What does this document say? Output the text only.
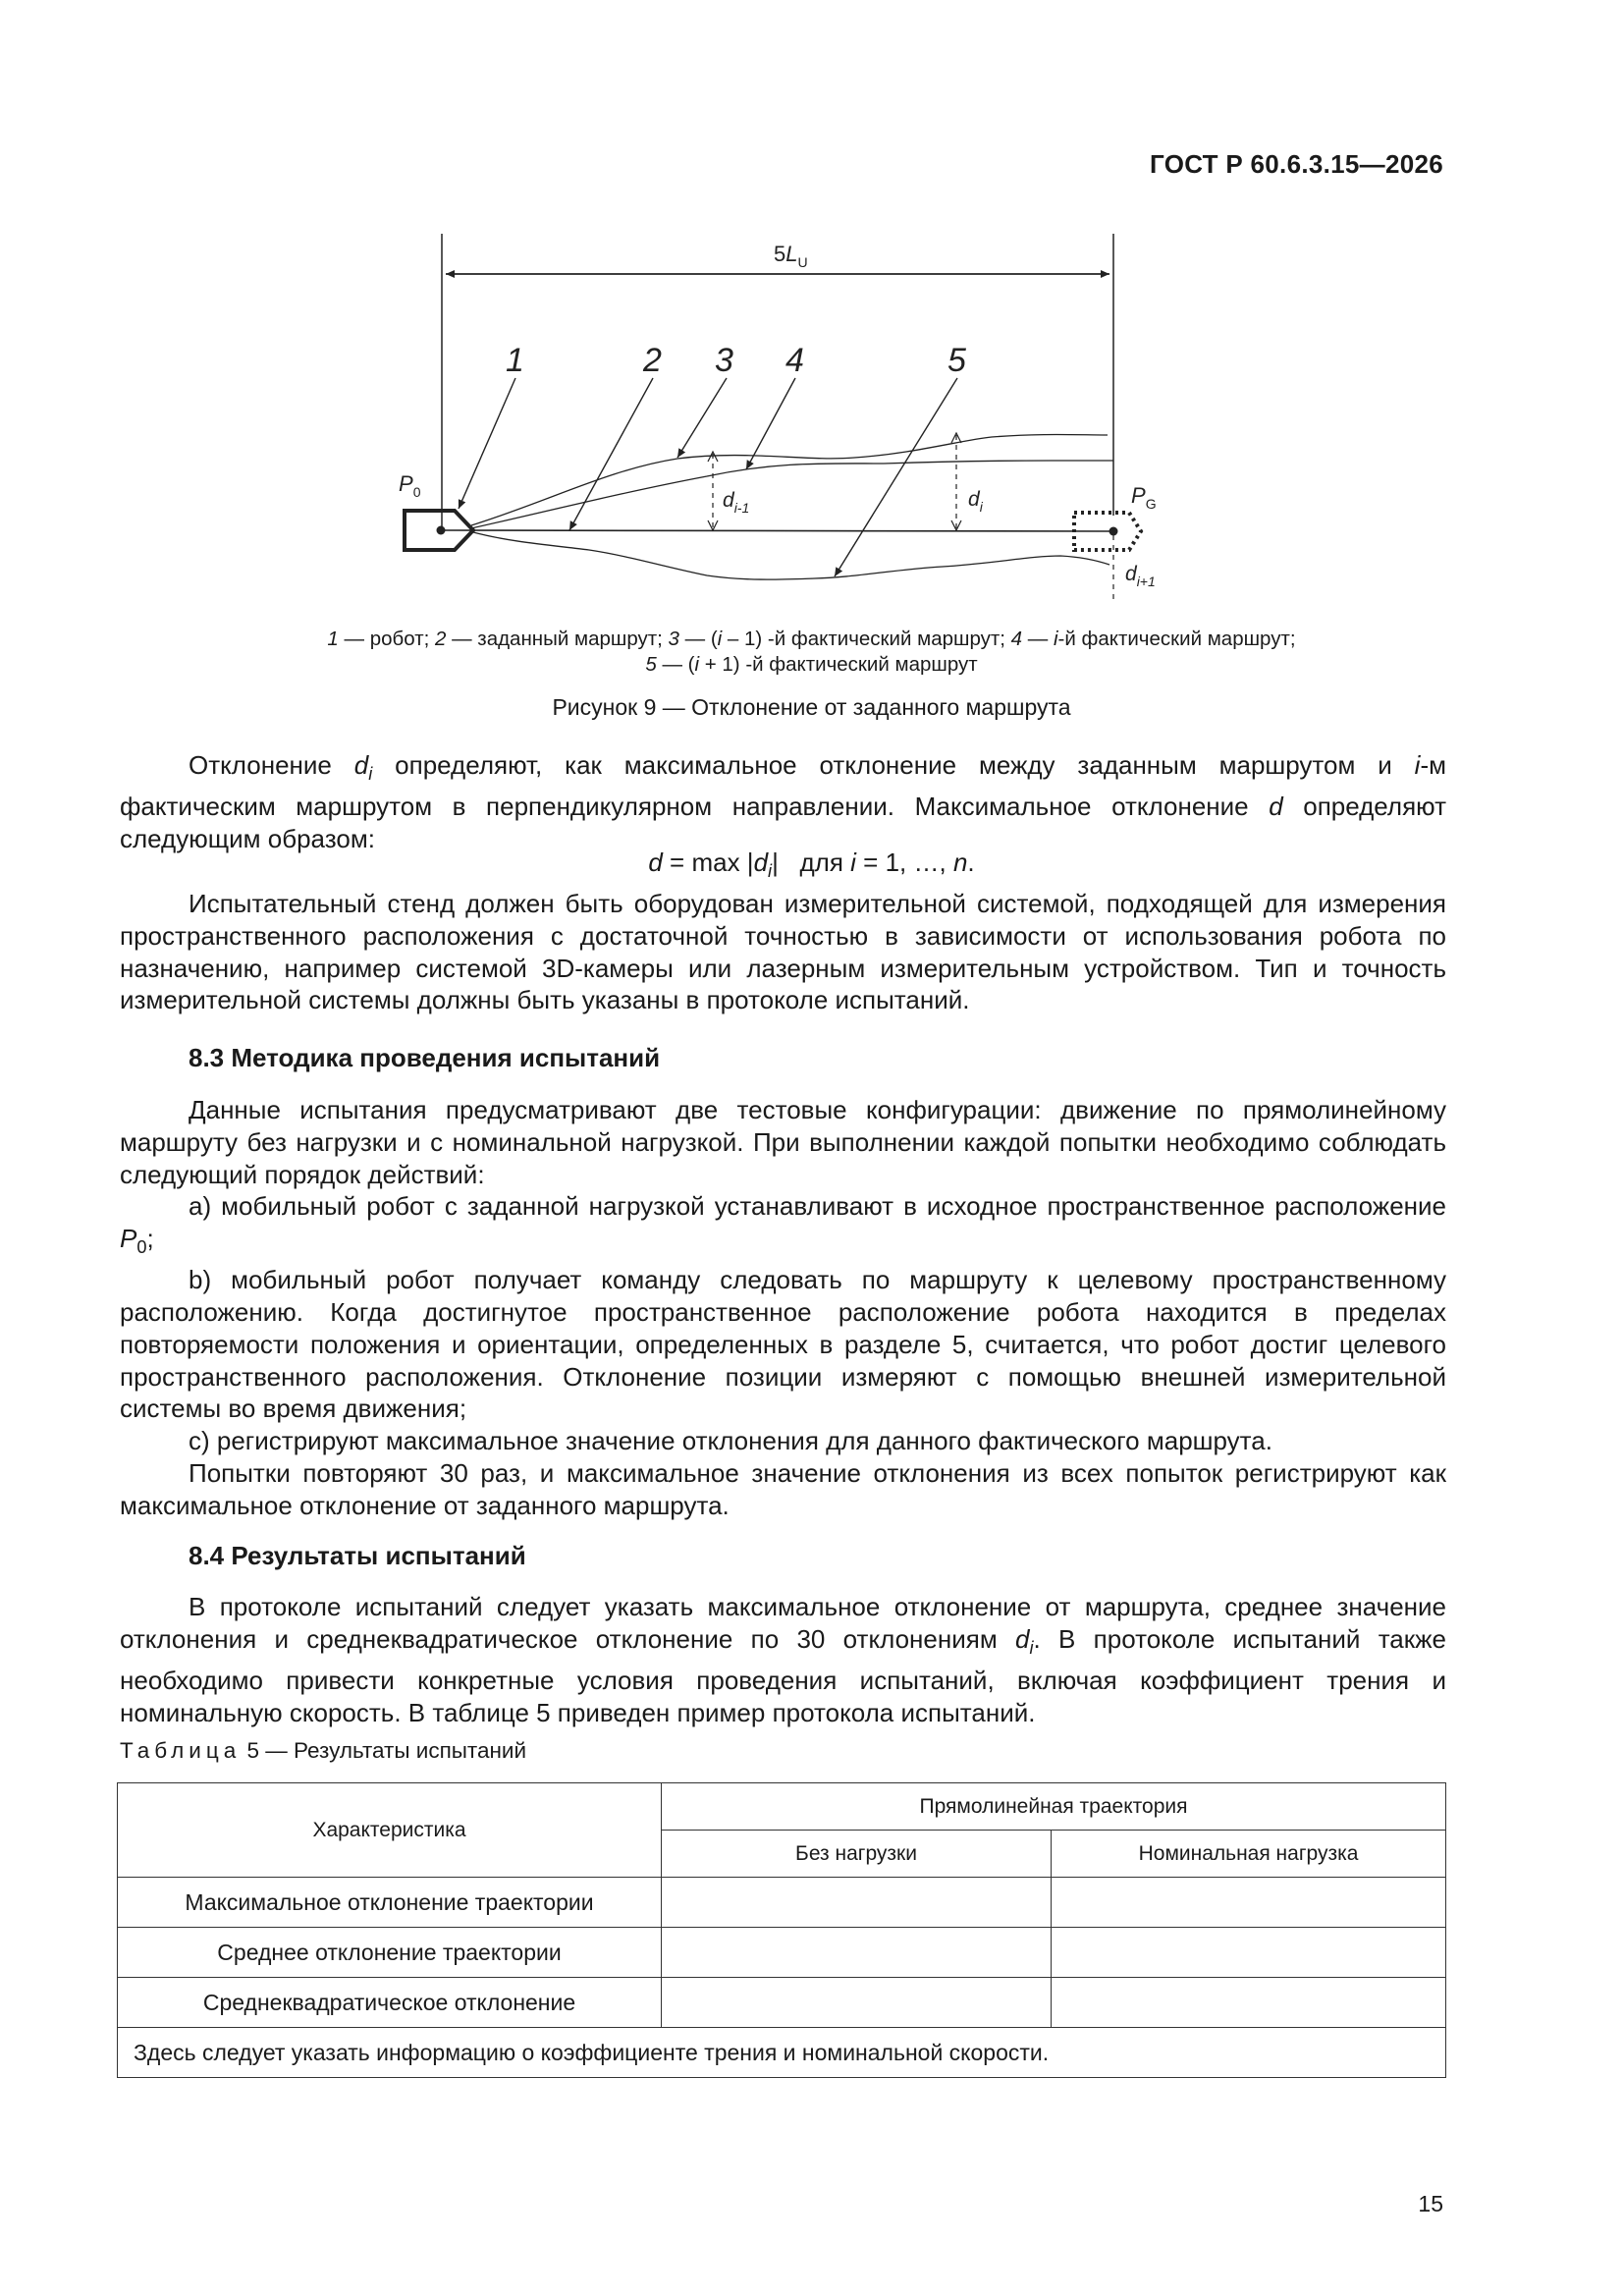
ГОСТ Р 60.6.3.15—2026
$5L_U$
1	2 3 4	5
$P_0$	$P_G$
$d_{i-1}$	$d_i$
$d_{i+1}$
1 — робот; 2 — заданный маршрут; 3 — (i – 1) -й фактический маршрут; 4 — i-й фактический маршрут;
5 — (i + 1) -й фактический маршрут
Рисунок 9 — Отклонение от заданного маршрута

Отклонение $d_i$ определяют, как максимальное отклонение между заданным маршрутом и i-м фактическим маршрутом в перпендикулярном направлении. Максимальное отклонение d определяют следующим образом:

$d = \max |d_i|$   для i = 1, …, n.

Испытательный стенд должен быть оборудован измерительной системой, подходящей для измерения пространственного расположения с достаточной точностью в зависимости от использования робота по назначению, например системой 3D-камеры или лазерным измерительным устройством. Тип и точность измерительной системы должны быть указаны в протоколе испытаний.

8.3 Методика проведения испытаний

Данные испытания предусматривают две тестовые конфигурации: движение по прямолинейному маршруту без нагрузки и с номинальной нагрузкой. При выполнении каждой попытки необходимо соблюдать следующий порядок действий:

a) мобильный робот с заданной нагрузкой устанавливают в исходное пространственное расположение $P_0$;

b) мобильный робот получает команду следовать по маршруту к целевому пространственному расположению. Когда достигнутое пространственное расположение робота находится в пределах повторяемости положения и ориентации, определенных в разделе 5, считается, что робот достиг целевого пространственного расположения. Отклонение позиции измеряют с помощью внешней измерительной системы во время движения;

c) регистрируют максимальное значение отклонения для данного фактического маршрута.

Попытки повторяют 30 раз, и максимальное значение отклонения из всех попыток регистрируют как максимальное отклонение от заданного маршрута.

8.4 Результаты испытаний

В протоколе испытаний следует указать максимальное отклонение от маршрута, среднее значение отклонения и среднеквадратическое отклонение по 30 отклонениям $d_i$. В протоколе испытаний также необходимо привести конкретные условия проведения испытаний, включая коэффициент трения и номинальную скорость. В таблице 5 приведен пример протокола испытаний.

Таблица 5 — Результаты испытаний
Характеристика	Прямолинейная траектория	
	Без нагрузки	Номинальная нагрузка
Максимальное отклонение траектории		
Среднее отклонение траектории		
Среднеквадратическое отклонение		
Здесь следует указать информацию о коэффициенте трения и номинальной скорости.		
15
